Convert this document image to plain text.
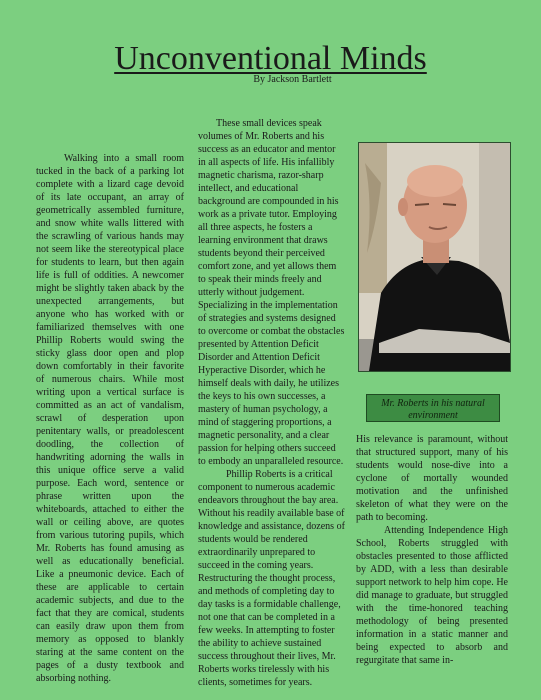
Unconventional Minds
By Jackson Bartlett

Walking into a small room tucked in the back of a parking lot complete with a lizard cage devoid of its late occupant, an array of geometrically assembled furniture, and snow white walls littered with the scrawling of various hands may not seem like the stereotypical place for students to learn, but then again life is full of oddities. A newcomer might be slightly taken aback by the unexpected arrangements, but anyone who has worked with or familiarized themselves with one Phillip Roberts would swing the sticky glass door open and plop down comfortably in their favorite of numerous chairs. While most writing upon a vertical surface is committed as an act of vandalism, scrawl of desperation upon penitentary walls, or preadolescent doodling, the collection of handwriting adorning the walls in this unique office serve a valid purpose. Each word, sentence or phrase written upon the whiteboards, attached to either the wall or ceiling above, are quotes from various tutoring pupils, which Mr. Roberts has found amusing as well as educationally beneficial. Like a pneumonic device. Each of these are applicable to certain academic subjects, and due to the fact that they are comical, students can easily draw upon them from memory as opposed to blankly staring at the same content on the pages of a dusty textbook and absorbing nothing.

These small devices speak volumes of Mr. Roberts and his success as an educator and mentor in all aspects of life. His infallibly magnetic charisma, razor-sharp intellect, and educational background are compounded in his work as a private tutor. Employing all three aspects, he fosters a learning environment that draws students beyond their perceived comfort zone, and yet allows them to speak their minds freely and utterly without judgement. Specializing in the implementation of strategies and systems designed to overcome or combat the obstacles presented by Attention Deficit Disorder and Attention Deficit Hyperactive Disorder, which he himself deals with daily, he utilizes the keys to his own successes, a mastery of human psychology, a mind of staggering proportions, a magnetic personality, and a clear passion for helping others succeed to embody an unparalleled resource.

Phillip Roberts is a critical component to numerous academic endeavors throughout the bay area. Without his readily available base of knowledge and assistance, dozens of students would be rendered extraordinarily unprepared to succeed in the coming years. Restructuring the thought process, and methods of completing day to day tasks is a formidable challenge, not one that can be completed in a few weeks. In attempting to foster the ability to achieve sustained success throughout their lives, Mr. Roberts works tirelessly with his clients, sometimes for years.

Mr. Roberts in his natural environment

His relevance is paramount, without that structured support, many of his students would nose-dive into a cyclone of mortally wounded motivation and the unfinished skeleton of what they were on the path to becoming.

Attending Independence High School, Roberts struggled with obstacles presented to those afflicted by ADD, with a less than desirable support network to help him cope. He did manage to graduate, but struggled with the time-honored teaching methodology of being presented information in a static manner and being expected to absorb and regurgitate that same in-
